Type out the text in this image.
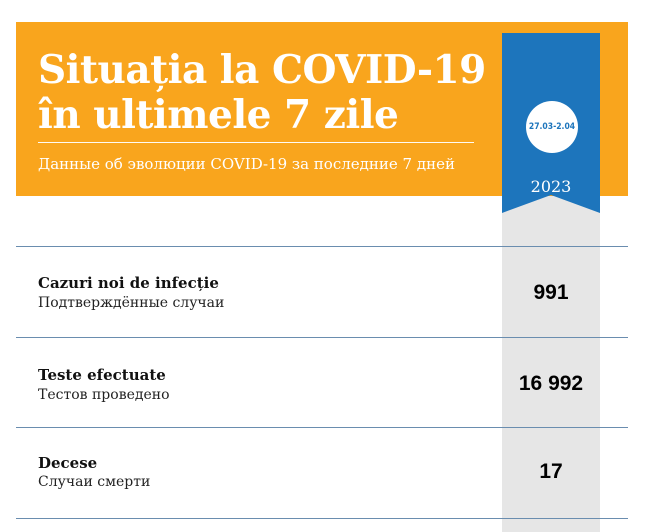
Situația la COVID-19
în ultimele 7 zile
Данные об эволюции COVID-19 за последние 7 дней
27.03-2.04
2023
Cazuri noi de infecție
Подтверждённые случаи	991
Teste efectuate
Тестов проведено	16 992
Decese
Случаи смерти	17
